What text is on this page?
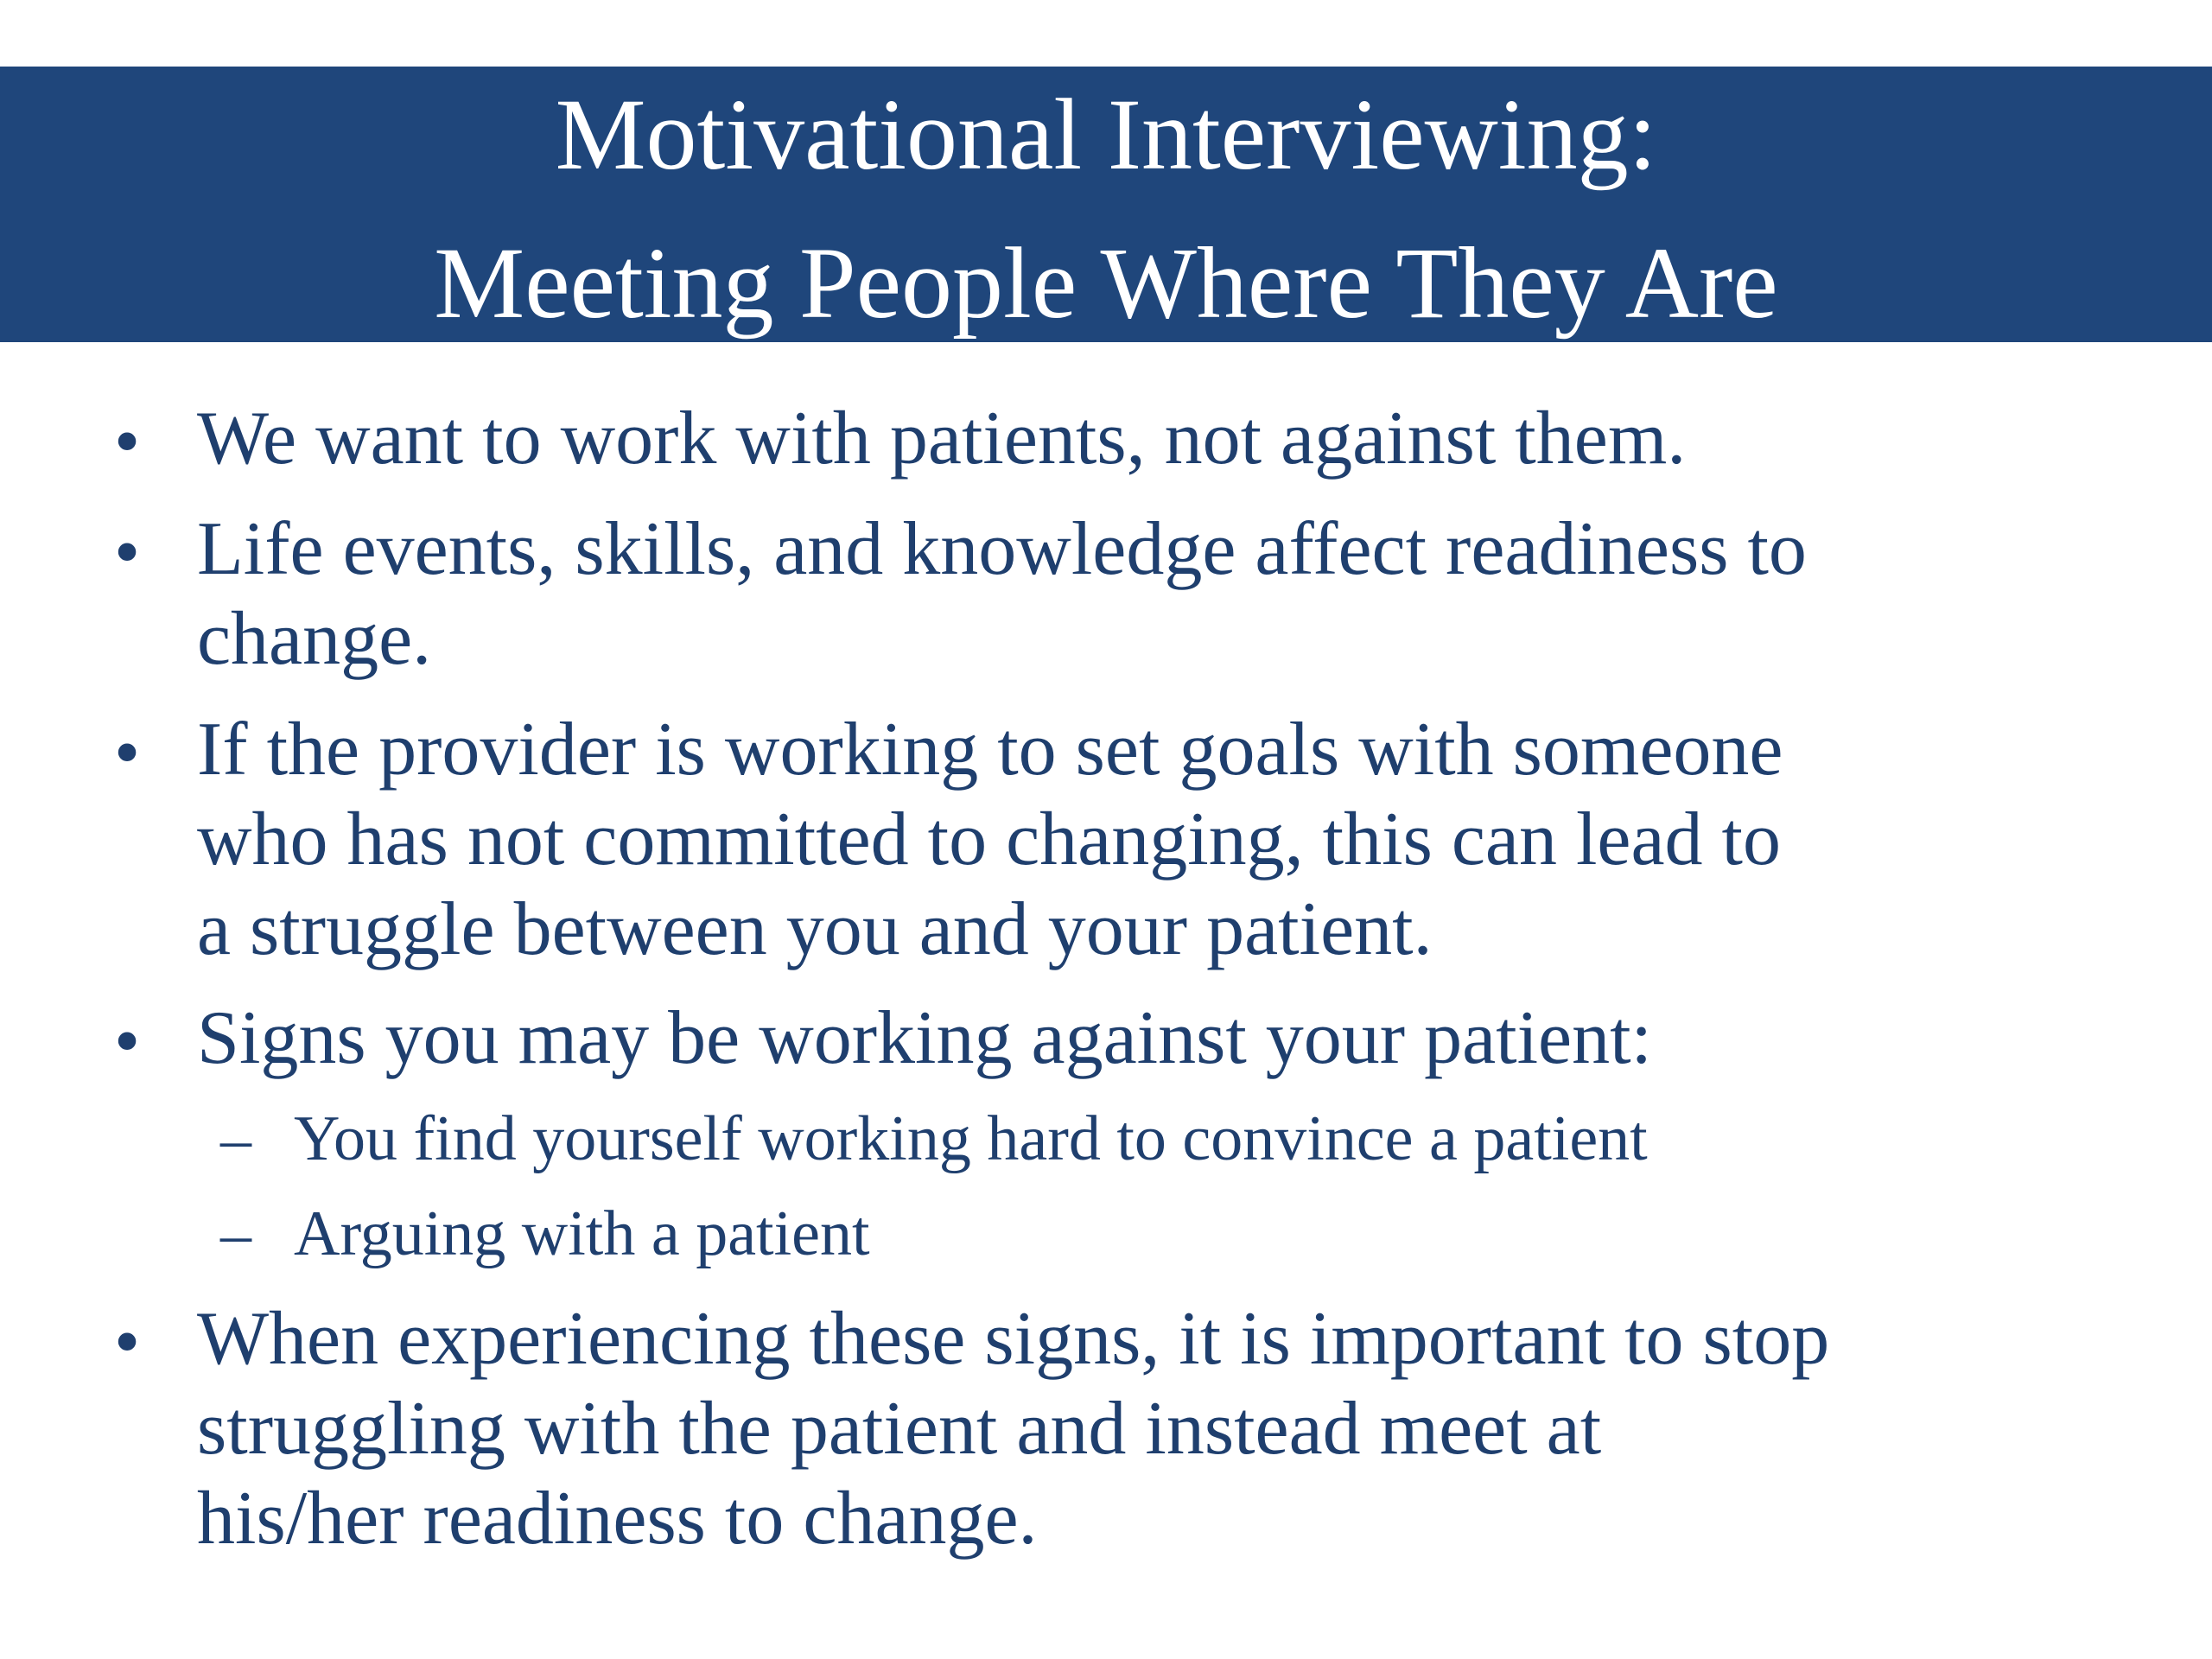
Motivational Interviewing:
Meeting People Where They Are
• We want to work with patients, not against them.
• Life events, skills, and knowledge affect readiness to
change.
• If the provider is working to set goals with someone
who has not committed to changing, this can lead to
a struggle between you and your patient.
• Signs you may be working against your patient:
– You find yourself working hard to convince a patient
– Arguing with a patient
• When experiencing these signs, it is important to stop
struggling with the patient and instead meet at
his/her readiness to change.
